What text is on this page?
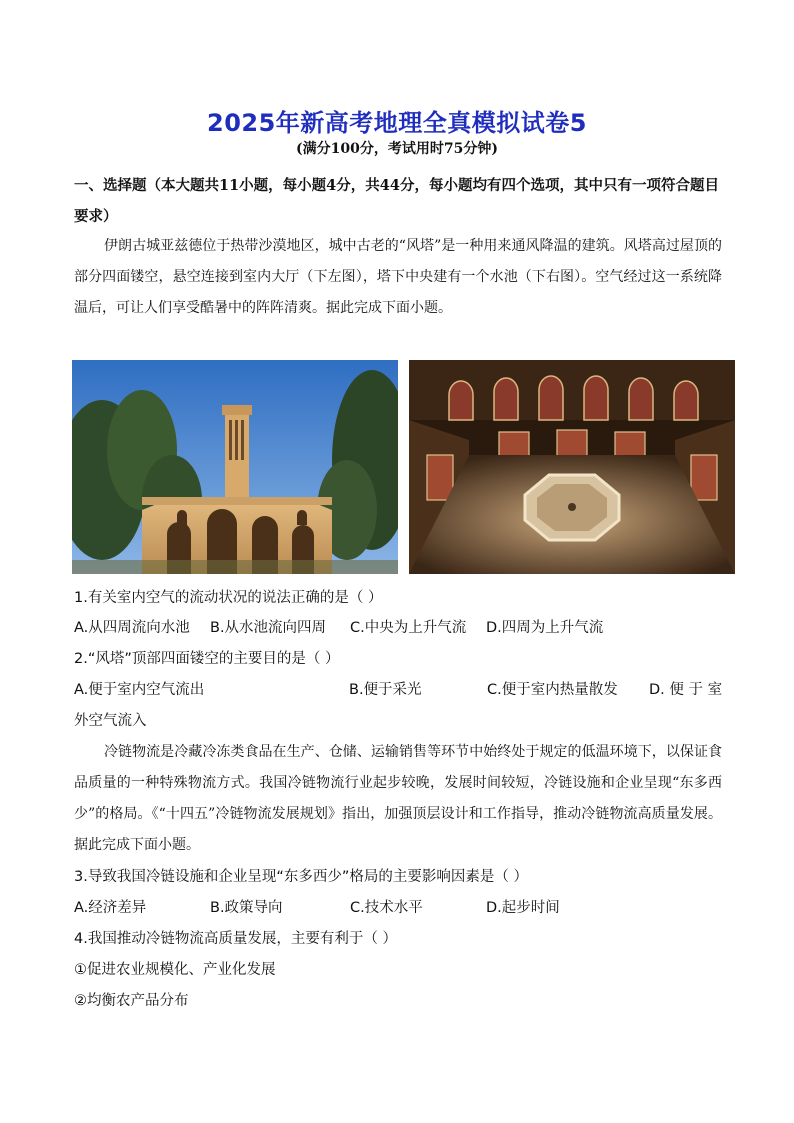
2025年新高考地理全真模拟试卷5
(满分100分，考试用时75分钟)
一、选择题（本大题共11小题，每小题4分，共44分，每小题均有四个选项，其中只有一项符合题目要求）
伊朗古城亚兹德位于热带沙漠地区，城中古老的“风塔”是一种用来通风降温的建筑。风塔高过屋顶的部分四面镂空，悬空连接到室内大厅（下左图），塔下中央建有一个水池（下右图）。空气经过这一系统降温后，可让人们享受酷暑中的阵阵清爽。据此完成下面小题。
1.有关室内空气的流动状况的说法正确的是（ ）
A.从四周流向水池 B.从水池流向四周 C.中央为上升气流 D.四周为上升气流
2.“风塔”顶部四面镂空的主要目的是（ ）
A.便于室内空气流出	B.便于采光	C.便于室内热量散发 D. 便 于 室
外空气流入
冷链物流是冷藏冷冻类食品在生产、仓储、运输销售等环节中始终处于规定的低温环境下，以保证食品质量的一种特殊物流方式。我国冷链物流行业起步较晚，发展时间较短，冷链设施和企业呈现“东多西少”的格局。《“十四五”冷链物流发展规划》指出，加强顶层设计和工作指导，推动冷链物流高质量发展。据此完成下面小题。
3.导致我国冷链设施和企业呈现“东多西少”格局的主要影响因素是（ ）
A.经济差异	B.政策导向	C.技术水平	D.起步时间
4.我国推动冷链物流高质量发展，主要有利于（ ）
①促进农业规模化、产业化发展
②均衡农产品分布
